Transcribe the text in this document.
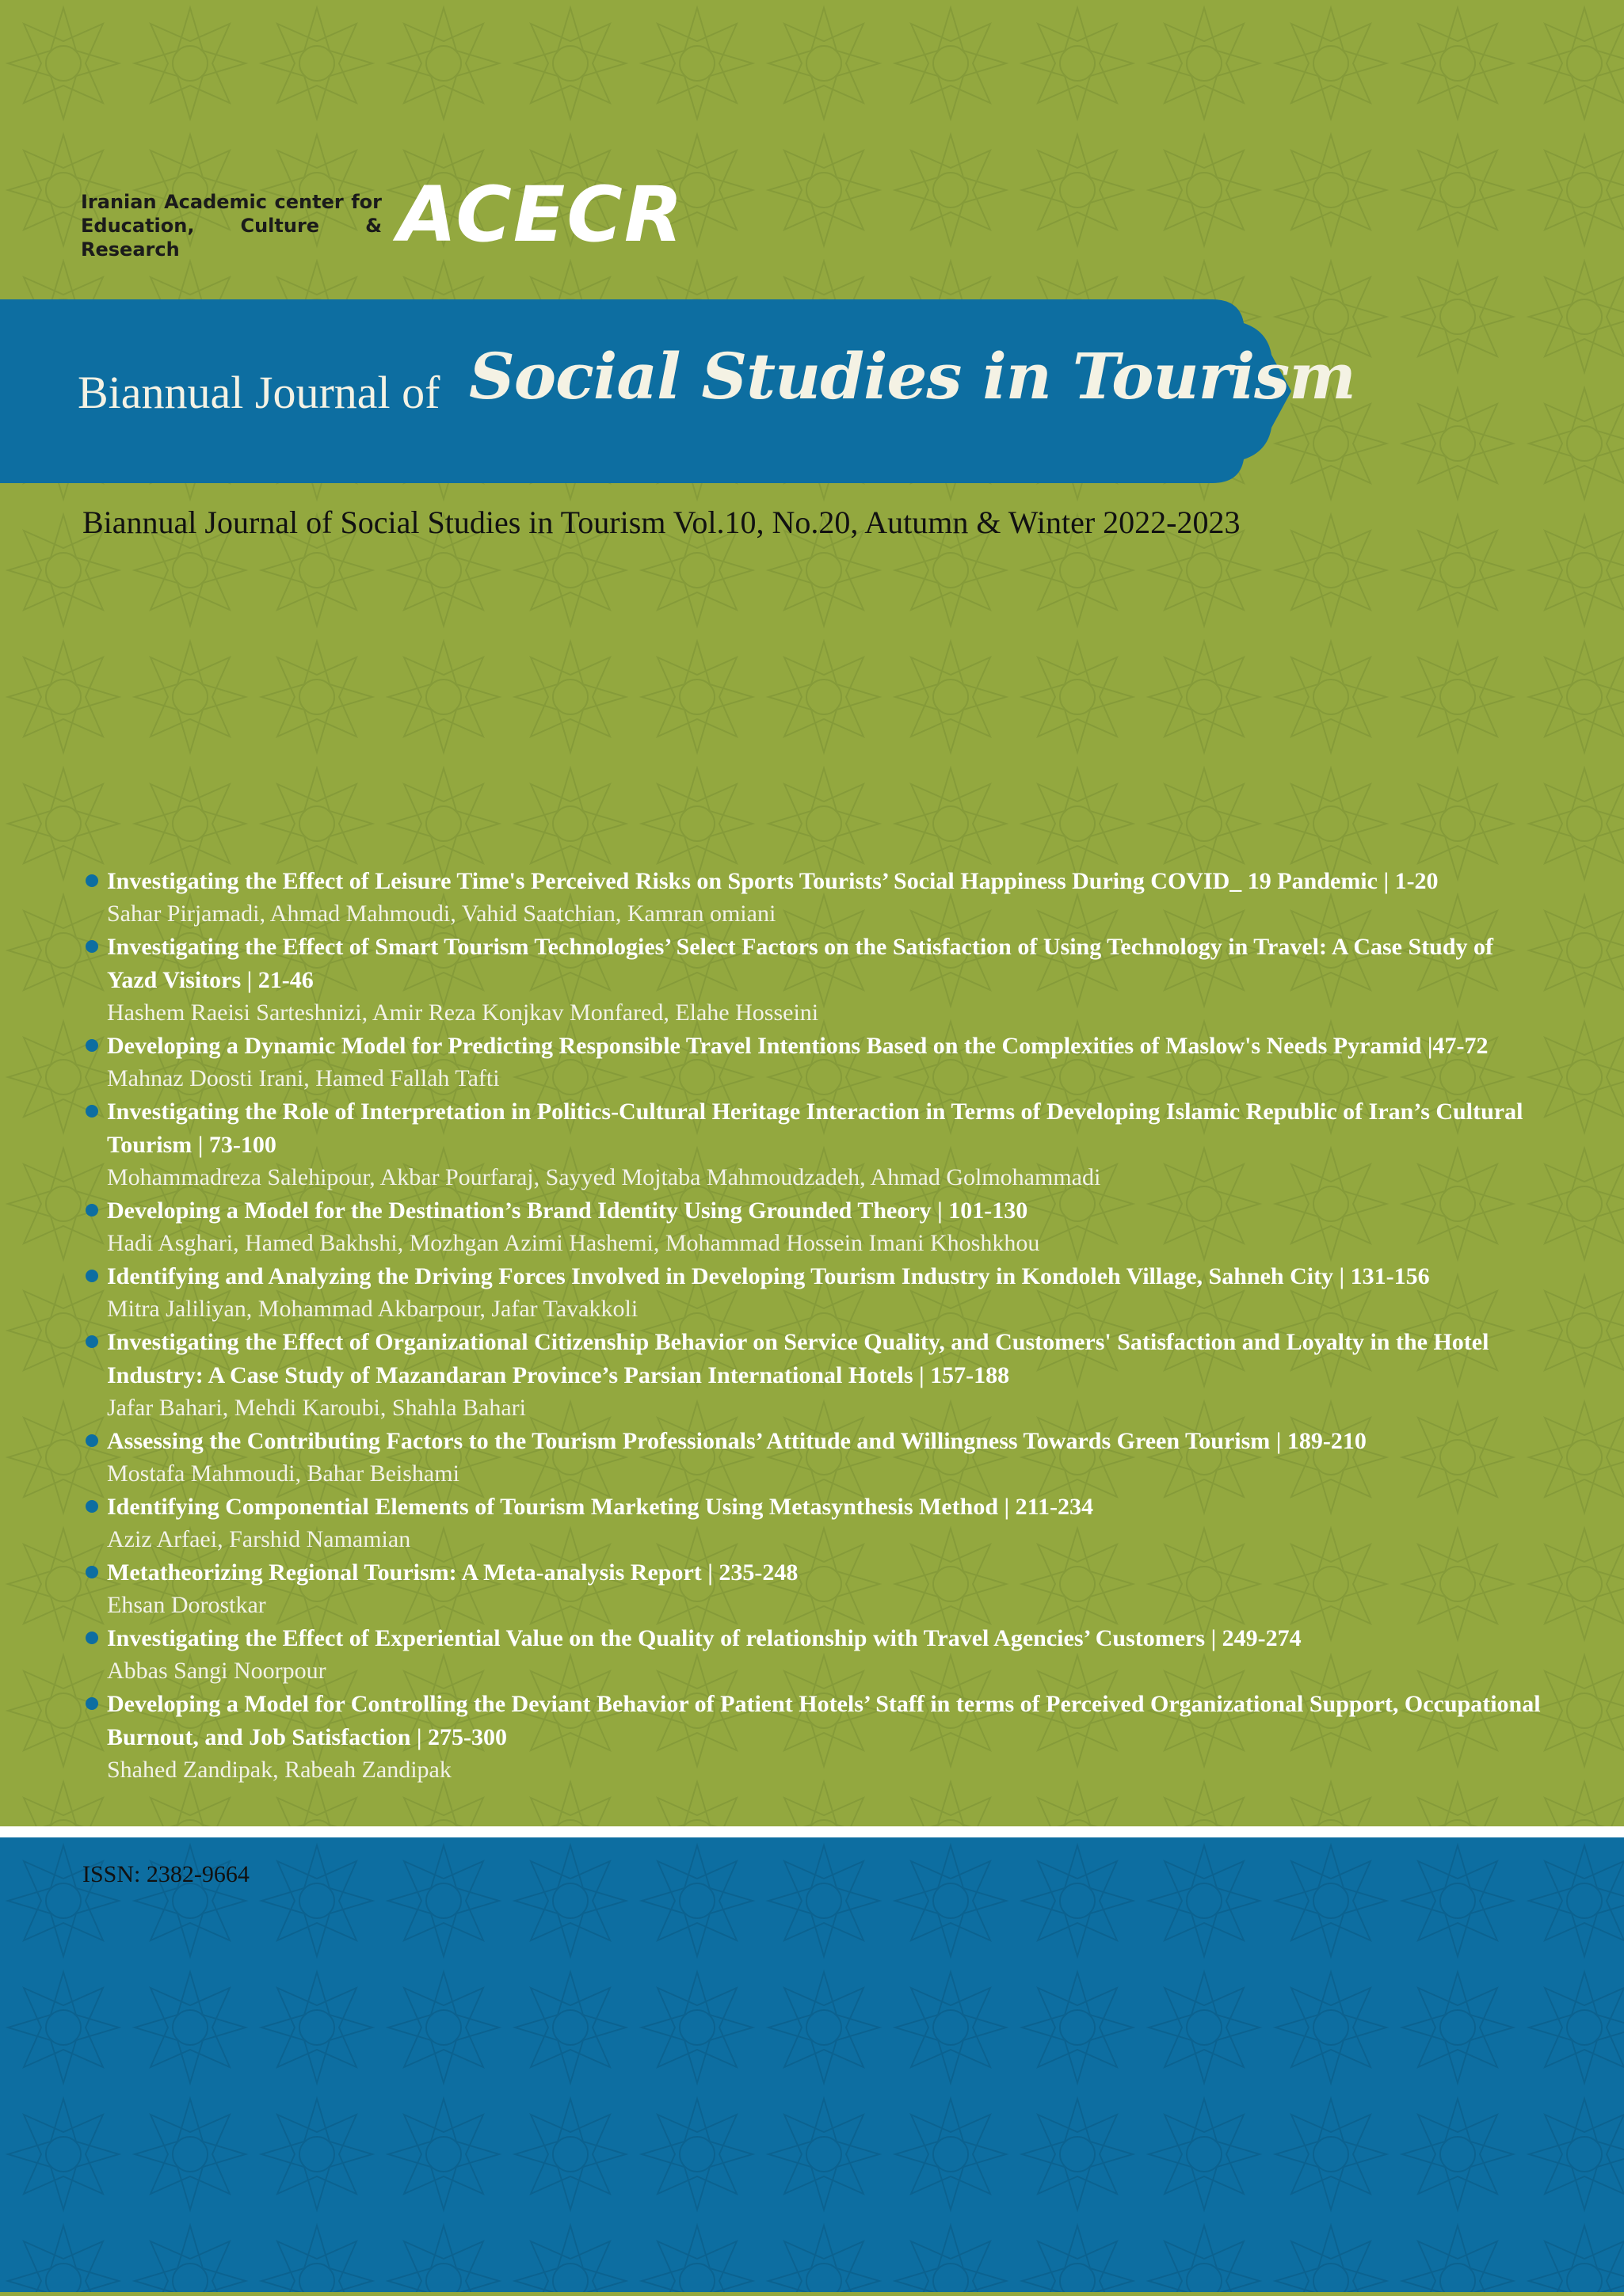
Iranian Academic center for
Education, Culture & Research	ACECR
Biannual Journal of Social Studies in Tourism
Biannual Journal of Social Studies in Tourism Vol.10, No.20, Autumn & Winter 2022-2023
Investigating the Effect of Leisure Time's Perceived Risks on Sports Tourists’ Social Happiness During COVID_ 19 Pandemic | 1-20
Sahar Pirjamadi, Ahmad Mahmoudi, Vahid Saatchian, Kamran omiani
Investigating the Effect of Smart Tourism Technologies’ Select Factors on the Satisfaction of Using Technology in Travel: A Case Study of Yazd Visitors | 21-46
Hashem Raeisi Sarteshnizi, Amir Reza Konjkav Monfared, Elahe Hosseini
Developing a Dynamic Model for Predicting Responsible Travel Intentions Based on the Complexities of Maslow's Needs Pyramid |47-72
Mahnaz Doosti Irani, Hamed Fallah Tafti
Investigating the Role of Interpretation in Politics-Cultural Heritage Interaction in Terms of Developing Islamic Republic of Iran’s Cultural Tourism | 73-100
Mohammadreza Salehipour, Akbar Pourfaraj, Sayyed Mojtaba Mahmoudzadeh, Ahmad Golmohammadi
Developing a Model for the Destination’s Brand Identity Using Grounded Theory | 101-130
Hadi Asghari, Hamed Bakhshi, Mozhgan Azimi Hashemi, Mohammad Hossein Imani Khoshkhou
Identifying and Analyzing the Driving Forces Involved in Developing Tourism Industry in Kondoleh Village, Sahneh City | 131-156
Mitra Jaliliyan, Mohammad Akbarpour, Jafar Tavakkoli
Investigating the Effect of Organizational Citizenship Behavior on Service Quality, and Customers' Satisfaction and Loyalty in the Hotel Industry: A Case Study of Mazandaran Province’s Parsian International Hotels | 157-188
Jafar Bahari, Mehdi Karoubi, Shahla Bahari
Assessing the Contributing Factors to the Tourism Professionals’ Attitude and Willingness Towards Green Tourism | 189-210
Mostafa Mahmoudi, Bahar Beishami
Identifying Componential Elements of Tourism Marketing Using Metasynthesis Method | 211-234
Aziz Arfaei, Farshid Namamian
Metatheorizing Regional Tourism: A Meta-analysis Report | 235-248
Ehsan Dorostkar
Investigating the Effect of Experiential Value on the Quality of relationship with Travel Agencies’ Customers | 249-274
Abbas Sangi Noorpour
Developing a Model for Controlling the Deviant Behavior of Patient Hotels’ Staff in terms of Perceived Organizational Support, Occupational Burnout, and Job Satisfaction | 275-300
Shahed Zandipak, Rabeah Zandipak
ISSN: 2382-9664
